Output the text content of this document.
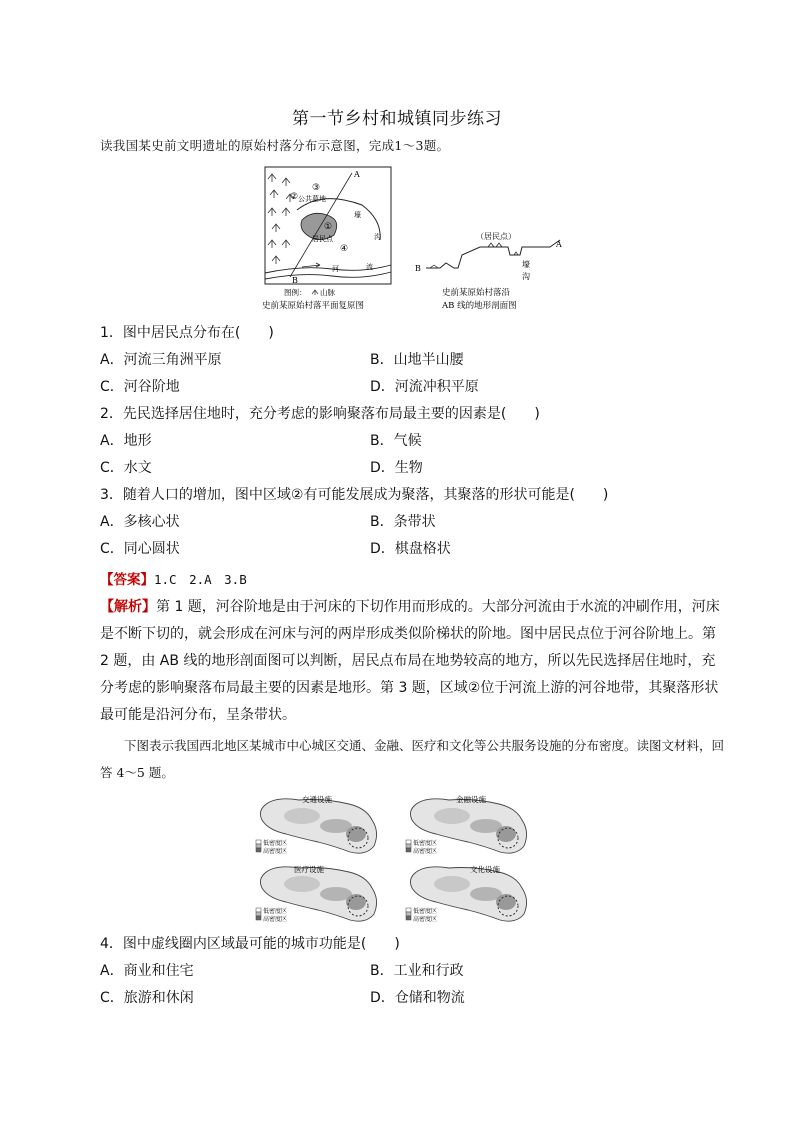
第一节乡村和城镇同步练习
读我国某史前文明遗址的原始村落分布示意图，完成1～3题。
A
B
②
③
①
④
公共墓地
居民点
壕
沟
河	流
图例： 山脉
史前某原始村落平面复原图
（居民点）
A
B	壕
沟
史前某原始村落沿
AB 线的地形剖面图
1．图中居民点分布在(　　)
A．河流三角洲平原	B．山地半山腰
C．河谷阶地	D．河流冲积平原
2．先民选择居住地时，充分考虑的影响聚落布局最主要的因素是(　　)
A．地形	B．气候
C．水文	D．生物
3．随着人口的增加，图中区域②有可能发展成为聚落，其聚落的形状可能是(　　)
A．多核心状	B．条带状
C．同心圆状	D．棋盘格状
【答案】1.C　2.A　3.B
【解析】第 1 题，河谷阶地是由于河床的下切作用而形成的。大部分河流由于水流的冲刷作用，河床是不断下切的，就会形成在河床与河的两岸形成类似阶梯状的阶地。图中居民点位于河谷阶地上。第 2 题，由 AB 线的地形剖面图可以判断，居民点布局在地势较高的地方，所以先民选择居住地时，充分考虑的影响聚落布局最主要的因素是地形。第 3 题，区域②位于河流上游的河谷地带，其聚落形状最可能是沿河分布，呈条带状。
下图表示我国西北地区某城市中心城区交通、金融、医疗和文化等公共服务设施的分布密度。读图文材料，回答 4～5 题。
交通设施
低密度区
高密度区
金融设施
低密度区
高密度区
医疗设施
低密度区
高密度区
文化设施
低密度区
高密度区
4．图中虚线圈内区域最可能的城市功能是(　　)
A．商业和住宅	B．工业和行政
C．旅游和休闲	D．仓储和物流
